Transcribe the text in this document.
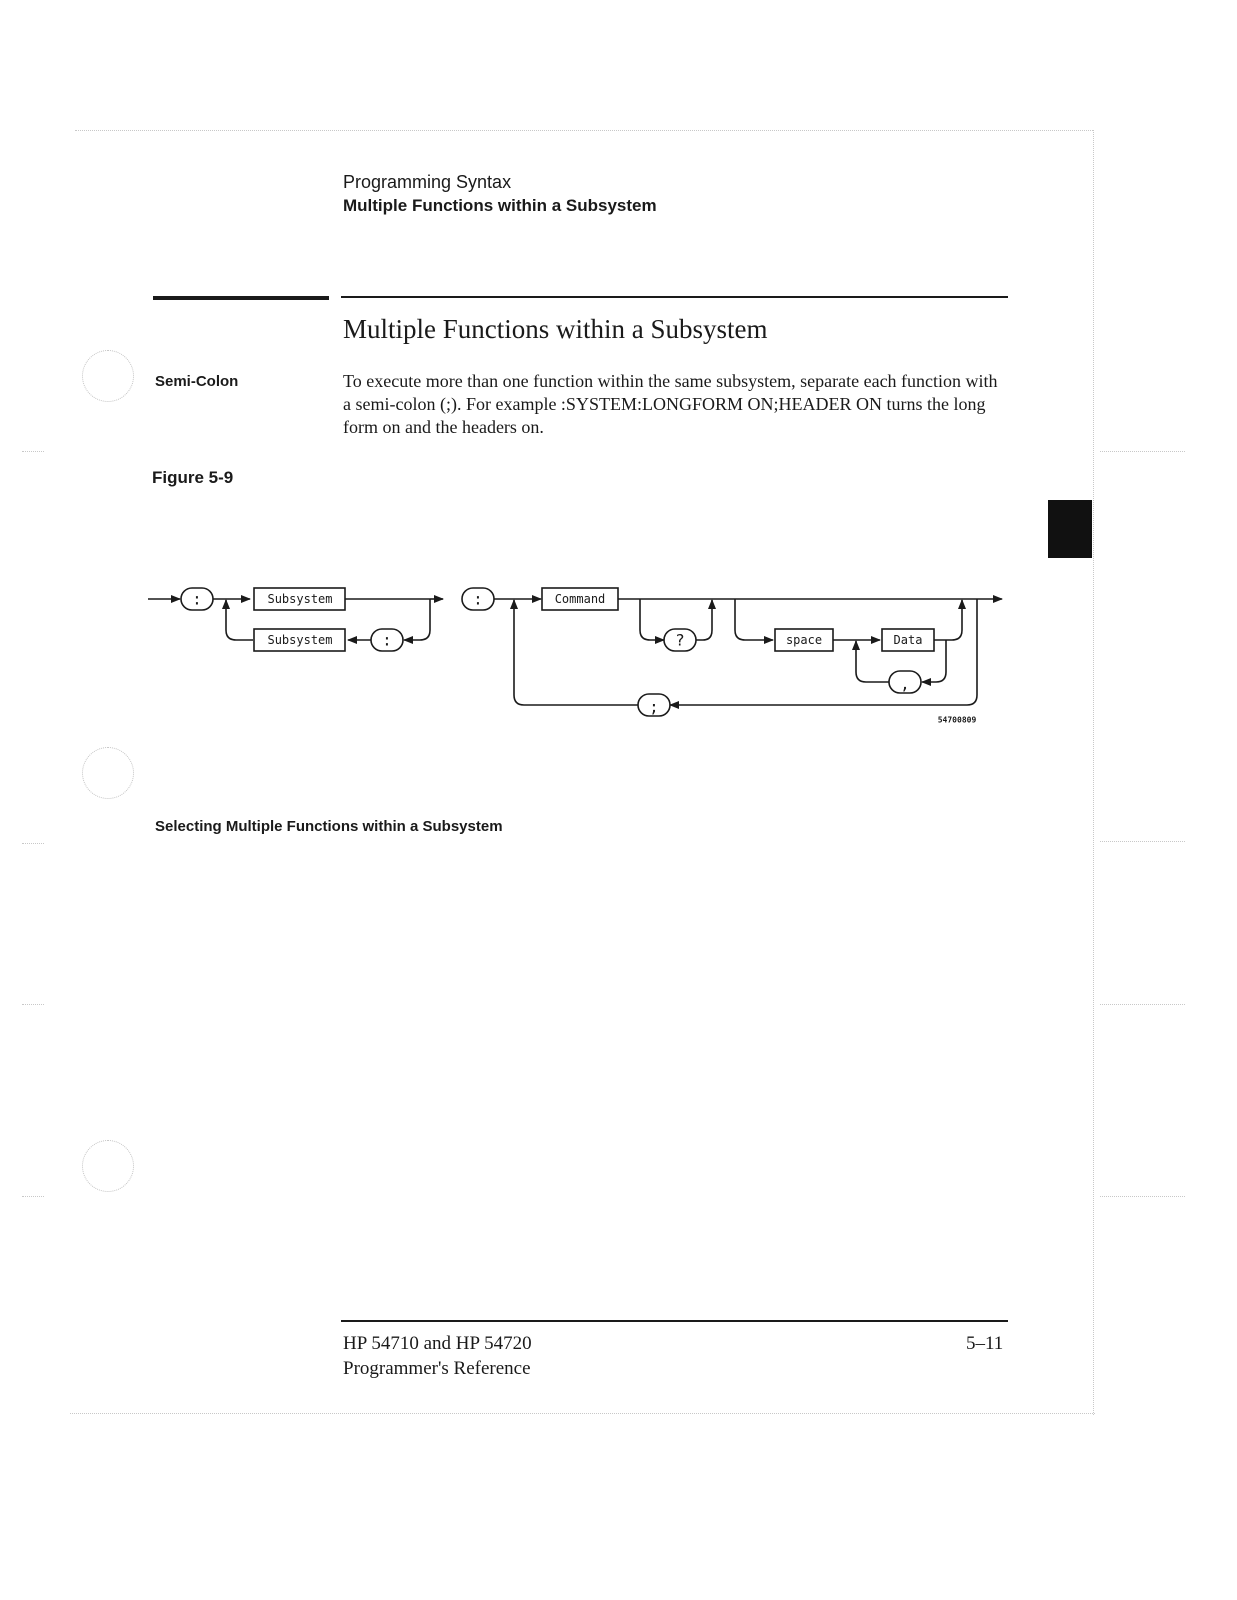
Programming Syntax
Multiple Functions within a Subsystem
Multiple Functions within a Subsystem
Semi-Colon	To execute more than one function within the same subsystem, separate each function with a semi-colon (;). For example :SYSTEM:LONGFORM ON;HEADER ON turns the long form on and the headers on.
Figure 5-9
:	Subsystem
Subsystem	:
:	Command
?	space	Data
,
;
54700809
Selecting Multiple Functions within a Subsystem
HP 54710 and HP 54720
Programmer's Reference
5–11
